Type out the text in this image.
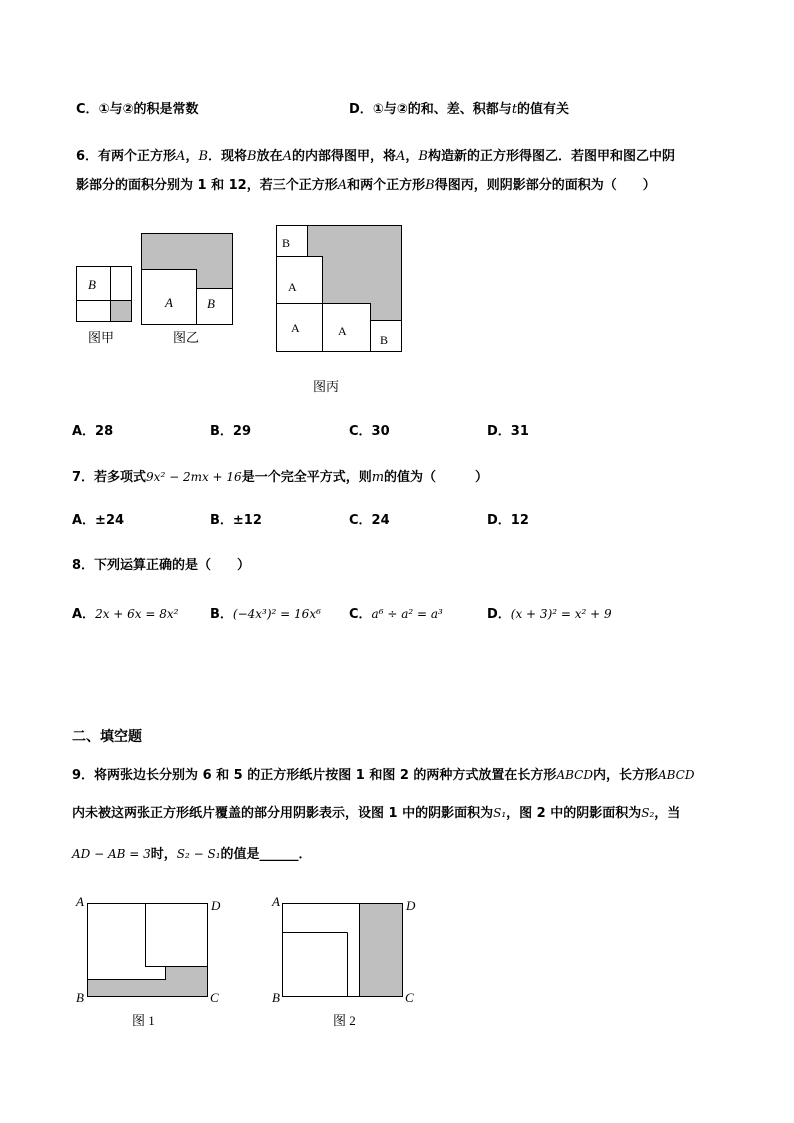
C．①与②的积是常数	D．①与②的和、差、积都与t的值有关
6．有两个正方形A，B．现将B放在A的内部得图甲，将A，B构造新的正方形得图乙．若图甲和图乙中阴
影部分的面积分别为 1 和 12，若三个正方形A和两个正方形B得图丙，则阴影部分的面积为（　　）
B
A	B
B
A
A	A
B
图甲	图乙
图丙
A．28	B．29	C．30	D．31
7．若多项式9x² − 2mx + 16是一个完全平方式，则m的值为（　　　）
A．±24	B．±12	C．24	D．12
8．下列运算正确的是（　　）
A．2x + 6x = 8x² B．(−4x³)² = 16x⁶ C．a⁶ ÷ a² = a³	D．(x + 3)² = x² + 9
二、填空题
9．将两张边长分别为 6 和 5 的正方形纸片按图 1 和图 2 的两种方式放置在长方形ABCD内，长方形ABCD
内未被这两张正方形纸片覆盖的部分用阴影表示，设图 1 中的阴影面积为S₁，图 2 中的阴影面积为S₂，当
AD − AB = 3时，S₂ − S₁的值是______．
A	D
B	C
A	D
B	C
图 1	图 2
